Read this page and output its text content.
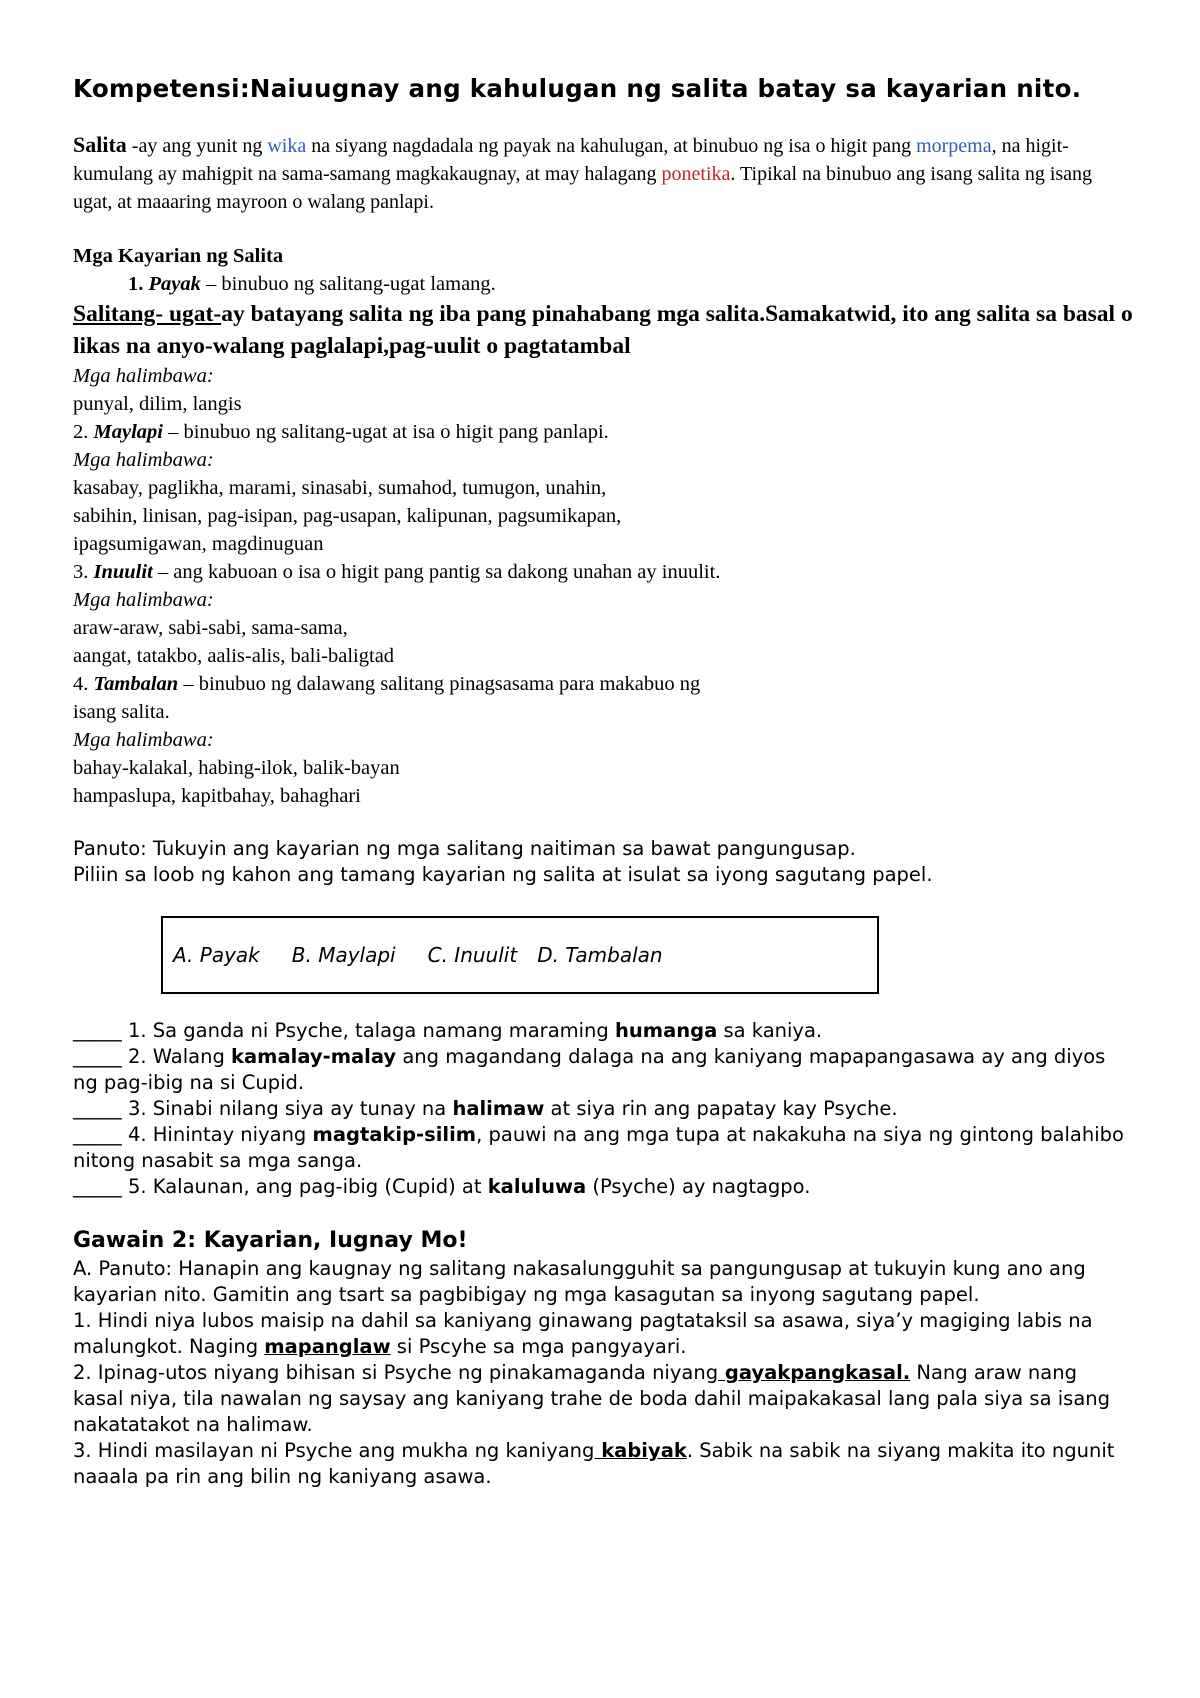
Kompetensi:Naiuugnay ang kahulugan ng salita batay sa kayarian nito.

Salita -ay ang yunit ng wika na siyang nagdadala ng payak na kahulugan, at binubuo ng isa o higit pang morpema, na higit-kumulang ay mahigpit na sama-samang magkakaugnay, at may halagang ponetika. Tipikal na binubuo ang isang salita ng isang ugat, at maaaring mayroon o walang panlapi.

Mga Kayarian ng Salita

1. Payak – binubuo ng salitang-ugat lamang.

Salitang- ugat-ay batayang salita ng iba pang pinahabang mga salita.Samakatwid, ito ang salita sa basal o likas na anyo-walang paglalapi,pag-uulit o pagtatambal

Mga halimbawa:

punyal, dilim, langis

2. Maylapi – binubuo ng salitang-ugat at isa o higit pang panlapi.

Mga halimbawa:

kasabay, paglikha, marami, sinasabi, sumahod, tumugon, unahin,

sabihin, linisan, pag-isipan, pag-usapan, kalipunan, pagsumikapan,

ipagsumigawan, magdinuguan

3. Inuulit – ang kabuoan o isa o higit pang pantig sa dakong unahan ay inuulit.

Mga halimbawa:

araw-araw, sabi-sabi, sama-sama,

aangat, tatakbo, aalis-alis, bali-baligtad

4. Tambalan – binubuo ng dalawang salitang pinagsasama para makabuo ng

isang salita.

Mga halimbawa:

bahay-kalakal, habing-ilok, balik-bayan

hampaslupa, kapitbahay, bahaghari

Panuto: Tukuyin ang kayarian ng mga salitang naitiman sa bawat pangungusap.

Piliin sa loob ng kahon ang tamang kayarian ng salita at isulat sa iyong sagutang papel.

A. Payak B. Maylapi C. Inuulit D. Tambalan

_____ 1. Sa ganda ni Psyche, talaga namang maraming humanga sa kaniya.

_____ 2. Walang kamalay-malay ang magandang dalaga na ang kaniyang mapapangasawa ay ang diyos ng pag-ibig na si Cupid.

_____ 3. Sinabi nilang siya ay tunay na halimaw at siya rin ang papatay kay Psyche.

_____ 4. Hinintay niyang magtakip-silim, pauwi na ang mga tupa at nakakuha na siya ng gintong balahibo nitong nasabit sa mga sanga.

_____ 5. Kalaunan, ang pag-ibig (Cupid) at kaluluwa (Psyche) ay nagtagpo.

Gawain 2: Kayarian, Iugnay Mo!

A. Panuto: Hanapin ang kaugnay ng salitang nakasalungguhit sa pangungusap at tukuyin kung ano ang kayarian nito. Gamitin ang tsart sa pagbibigay ng mga kasagutan sa inyong sagutang papel.

1. Hindi niya lubos maisip na dahil sa kaniyang ginawang pagtataksil sa asawa, siya’y magiging labis na malungkot. Naging mapanglaw si Pscyhe sa mga pangyayari.

2. Ipinag-utos niyang bihisan si Psyche ng pinakamaganda niyang gayakpangkasal. Nang araw nang kasal niya, tila nawalan ng saysay ang kaniyang trahe de boda dahil maipakakasal lang pala siya sa isang nakatatakot na halimaw.

3. Hindi masilayan ni Psyche ang mukha ng kaniyang kabiyak. Sabik na sabik na siyang makita ito ngunit naaala pa rin ang bilin ng kaniyang asawa.
